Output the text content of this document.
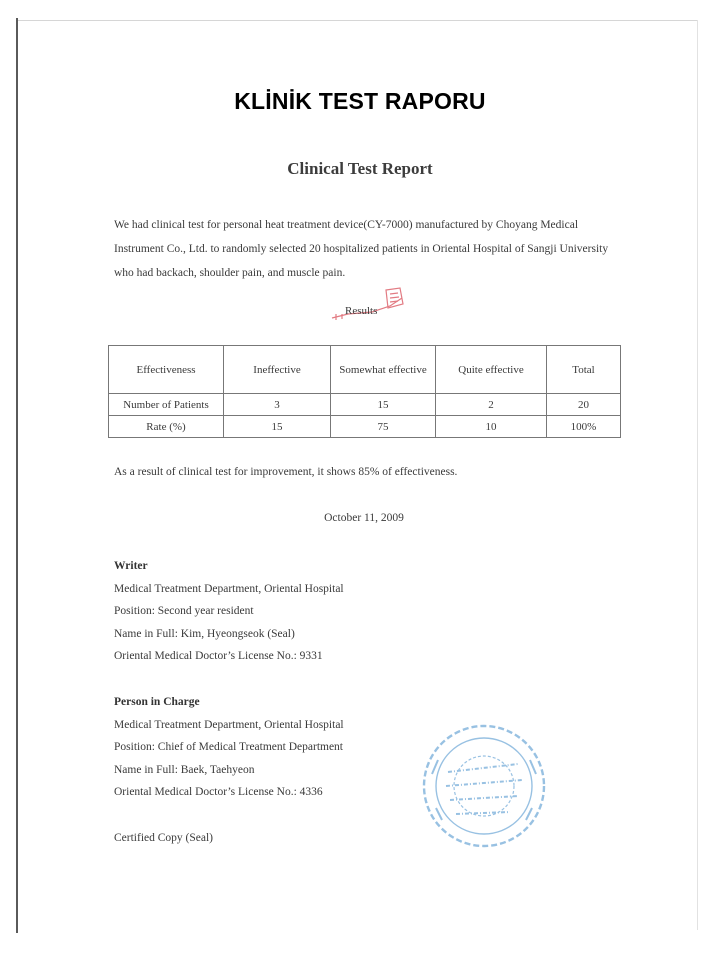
KLİNİK TEST RAPORU
Clinical Test Report
We had clinical test for personal heat treatment device(CY-7000) manufactured by Choyang Medical Instrument Co., Ltd. to randomly selected 20 hospitalized patients in Oriental Hospital of Sangji University who had backach, shoulder pain, and muscle pain.
Results
Effectiveness	Ineffective	Somewhat effective	Quite effective	Total
Number of Patients	3	15	2	20
Rate (%)	15	75	10	100%
As a result of clinical test for improvement, it shows 85% of effectiveness.
October 11, 2009
Writer
Medical Treatment Department, Oriental Hospital
Position: Second year resident
Name in Full: Kim, Hyeongseok (Seal)
Oriental Medical Doctor’s License No.: 9331
Person in Charge
Medical Treatment Department, Oriental Hospital
Position: Chief of Medical Treatment Department
Name in Full: Baek, Taehyeon
Oriental Medical Doctor’s License No.: 4336
Certified Copy (Seal)
